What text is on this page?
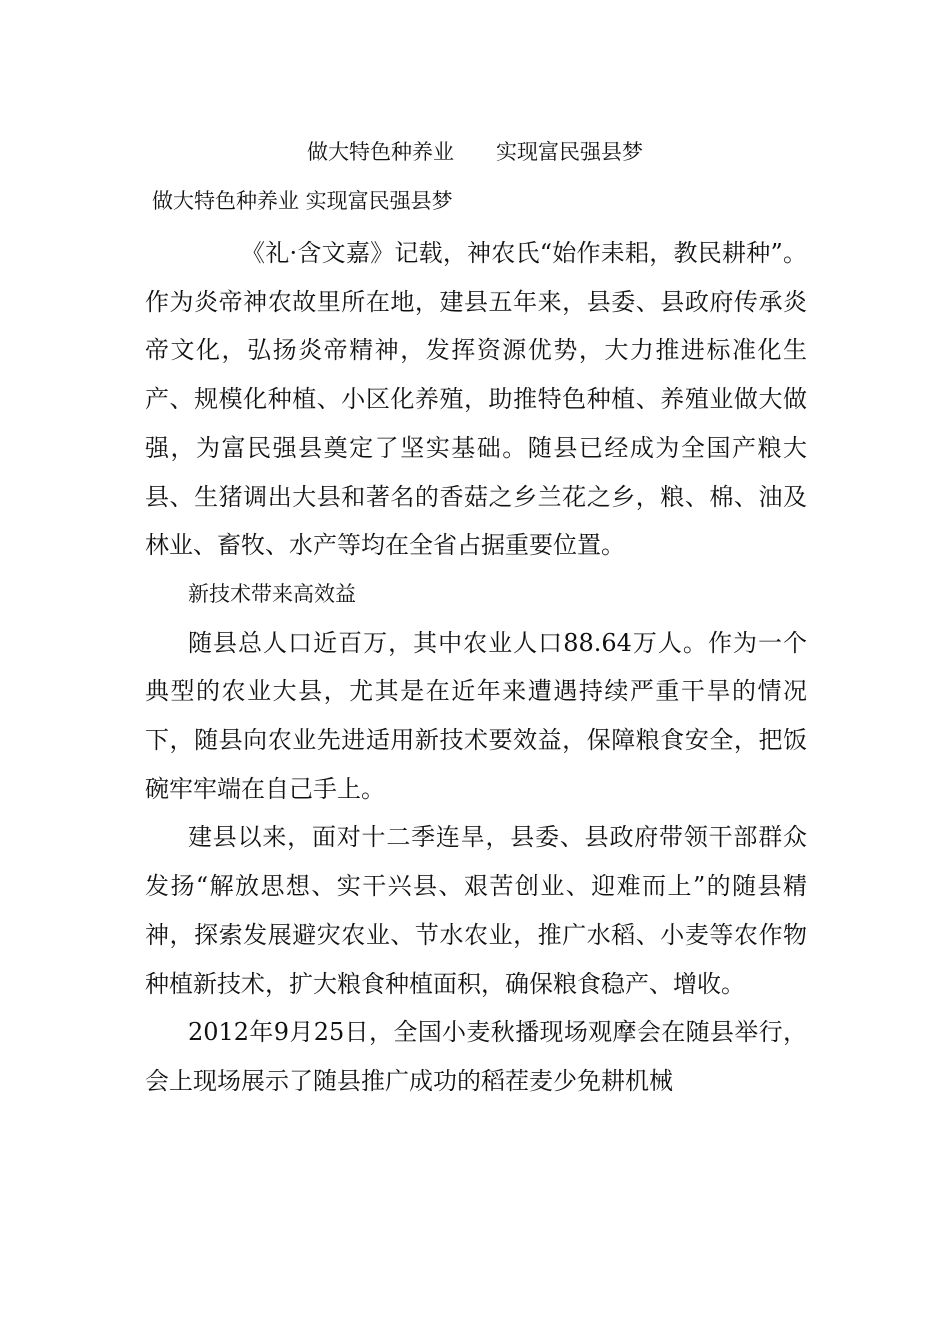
做大特色种养业　　实现富民强县梦
做大特色种养业 实现富民强县梦

《礼·含文嘉》记载，神农氏“始作耒耜，教民耕种”。作为炎帝神农故里所在地，建县五年来，县委、县政府传承炎帝文化，弘扬炎帝精神，发挥资源优势，大力推进标准化生产、规模化种植、小区化养殖，助推特色种植、养殖业做大做强，为富民强县奠定了坚实基础。随县已经成为全国产粮大县、生猪调出大县和著名的香菇之乡兰花之乡，粮、棉、油及林业、畜牧、水产等均在全省占据重要位置。

新技术带来高效益

随县总人口近百万，其中农业人口88.64万人。作为一个典型的农业大县，尤其是在近年来遭遇持续严重干旱的情况下，随县向农业先进适用新技术要效益，保障粮食安全，把饭碗牢牢端在自己手上。

建县以来，面对十二季连旱，县委、县政府带领干部群众发扬“解放思想、实干兴县、艰苦创业、迎难而上”的随县精神，探索发展避灾农业、节水农业，推广水稻、小麦等农作物种植新技术，扩大粮食种植面积，确保粮食稳产、增收。

2012年9月25日，全国小麦秋播现场观摩会在随县举行，会上现场展示了随县推广成功的稻茬麦少免耕机械
